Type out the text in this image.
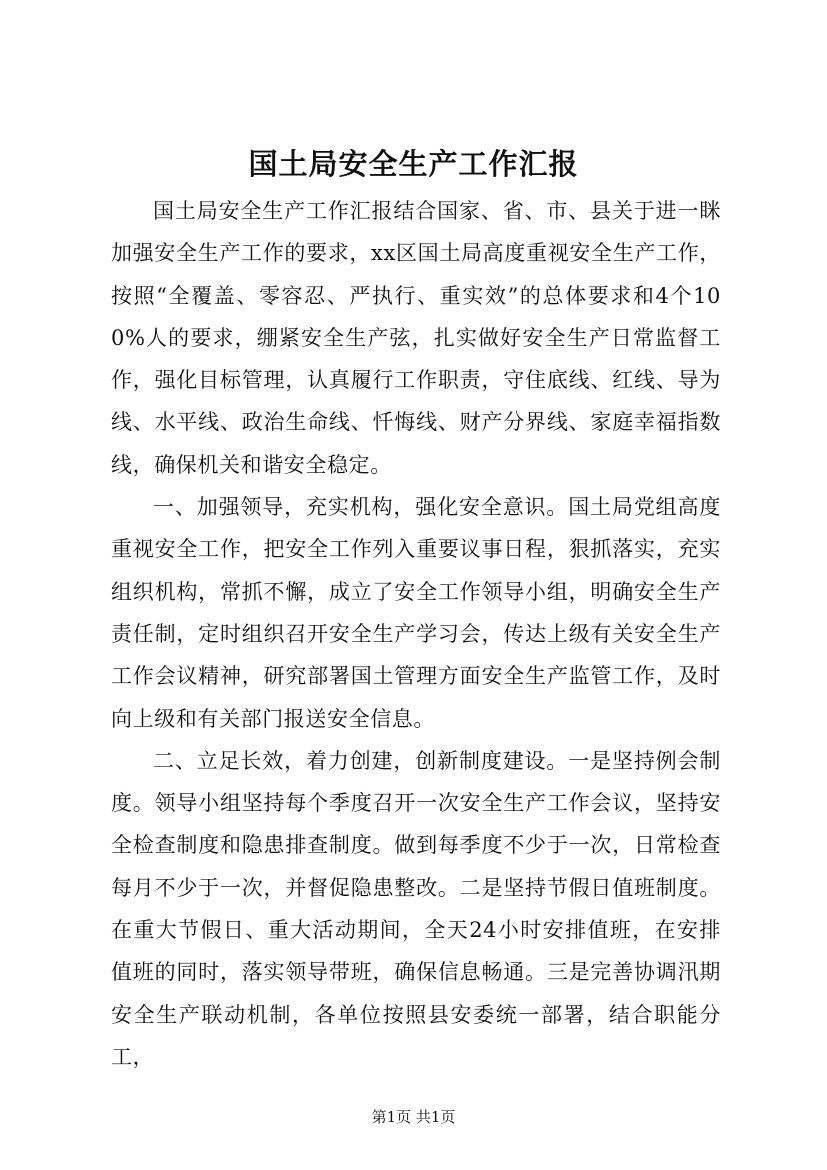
国土局安全生产工作汇报

国土局安全生产工作汇报结合国家、省、市、县关于进一眯加强安全生产工作的要求，xx区国土局高度重视安全生产工作，按照“全覆盖、零容忍、严执行、重实效”的总体要求和4个100%人的要求，绷紧安全生产弦，扎实做好安全生产日常监督工作，强化目标管理，认真履行工作职责，守住底线、红线、导为线、水平线、政治生命线、忏悔线、财产分界线、家庭幸福指数线，确保机关和谐安全稳定。

一、加强领导，充实机构，强化安全意识。国土局党组高度重视安全工作，把安全工作列入重要议事日程，狠抓落实，充实组织机构，常抓不懈，成立了安全工作领导小组，明确安全生产责任制，定时组织召开安全生产学习会，传达上级有关安全生产工作会议精神，研究部署国土管理方面安全生产监管工作，及时向上级和有关部门报送安全信息。

二、立足长效，着力创建，创新制度建设。一是坚持例会制度。领导小组坚持每个季度召开一次安全生产工作会议，坚持安全检查制度和隐患排查制度。做到每季度不少于一次，日常检查每月不少于一次，并督促隐患整改。二是坚持节假日值班制度。在重大节假日、重大活动期间，全天24小时安排值班，在安排值班的同时，落实领导带班，确保信息畅通。三是完善协调汛期安全生产联动机制，各单位按照县安委统一部署，结合职能分工，

第1页 共1页
